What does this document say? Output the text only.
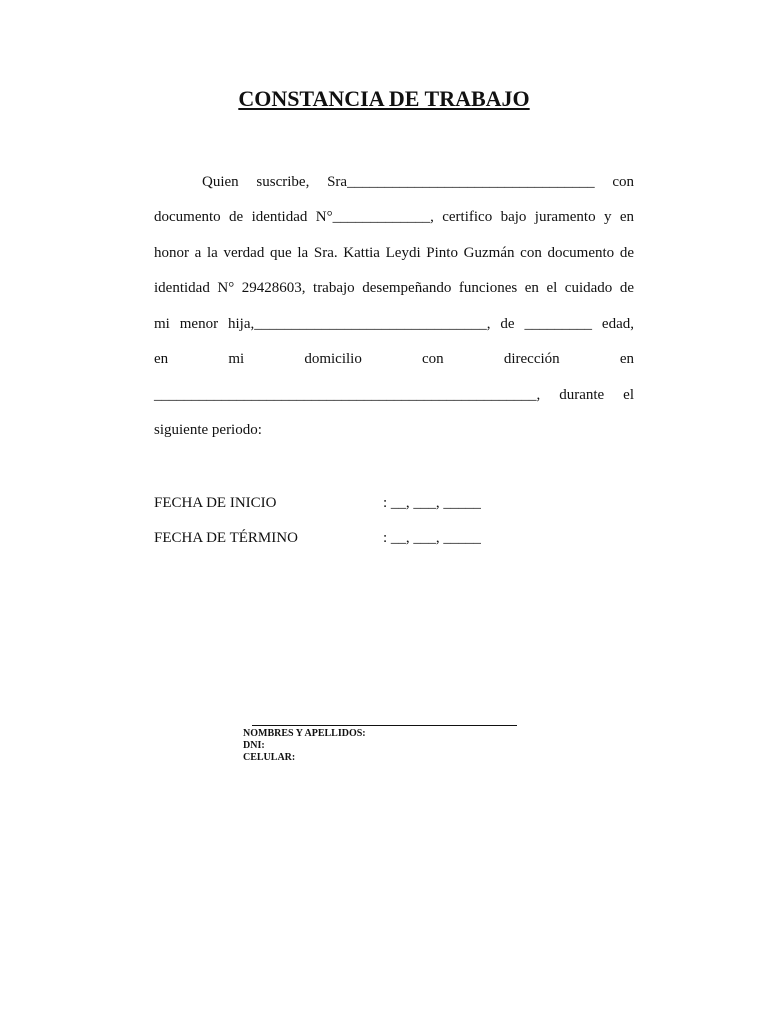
CONSTANCIA DE TRABAJO
Quien suscribe, Sra_________________________________ con
documento de identidad N°_____________, certifico bajo juramento y en
honor a la verdad que la Sra. Kattia Leydi Pinto Guzmán con documento de
identidad N° 29428603, trabajo desempeñando funciones en el cuidado de
mi menor hija,_______________________________, de _________ edad,
en mi domicilio con dirección en
___________________________________________________, durante el
siguiente periodo:
FECHA DE INICIO	: __, ___, _____
FECHA DE TÉRMINO	: __, ___, _____
NOMBRES Y APELLIDOS:
DNI:
CELULAR:
